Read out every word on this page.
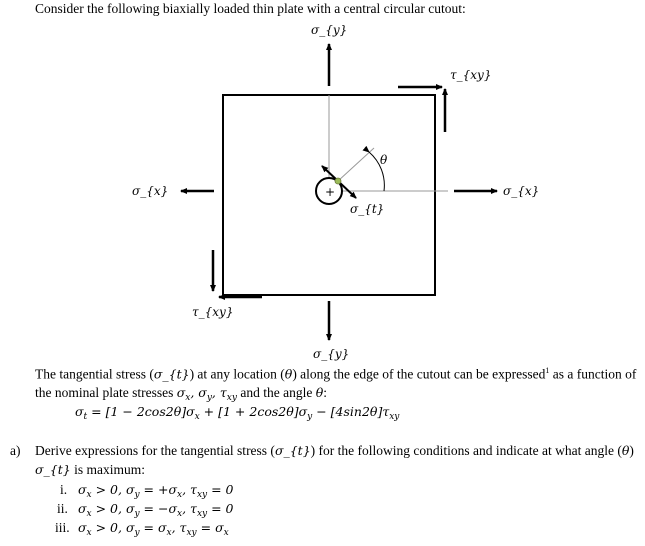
Consider the following biaxially loaded thin plate with a central circular cutout:
+
σ_{y}
σ_{y}
σ_{x}	σ_{x}
τ_{xy}
τ_{xy}
θ
σ_{t}
The tangential stress (σ_{t}) at any location (θ) along the edge of the cutout can be expressed$^1$ as a function of
the nominal plate stresses $\sigma_x$, $\sigma_y$, $\tau_{xy}$ and the angle θ:
$\sigma_t = [1 - 2\cos 2\theta]\sigma_x + [1 + 2\cos 2\theta]\sigma_y - [4\sin 2\theta]\tau_{xy}$
a) Derive expressions for the tangential stress (σ_{t}) for the following conditions and indicate at what angle (θ)
σ_{t} is maximum:
i. $\sigma_x > 0$, $\sigma_y = +\sigma_x$, $\tau_{xy} = 0$
ii. $\sigma_x > 0$, $\sigma_y = -\sigma_x$, $\tau_{xy} = 0$
iii. $\sigma_x > 0$, $\sigma_y = \sigma_x$, $\tau_{xy} = \sigma_x$
